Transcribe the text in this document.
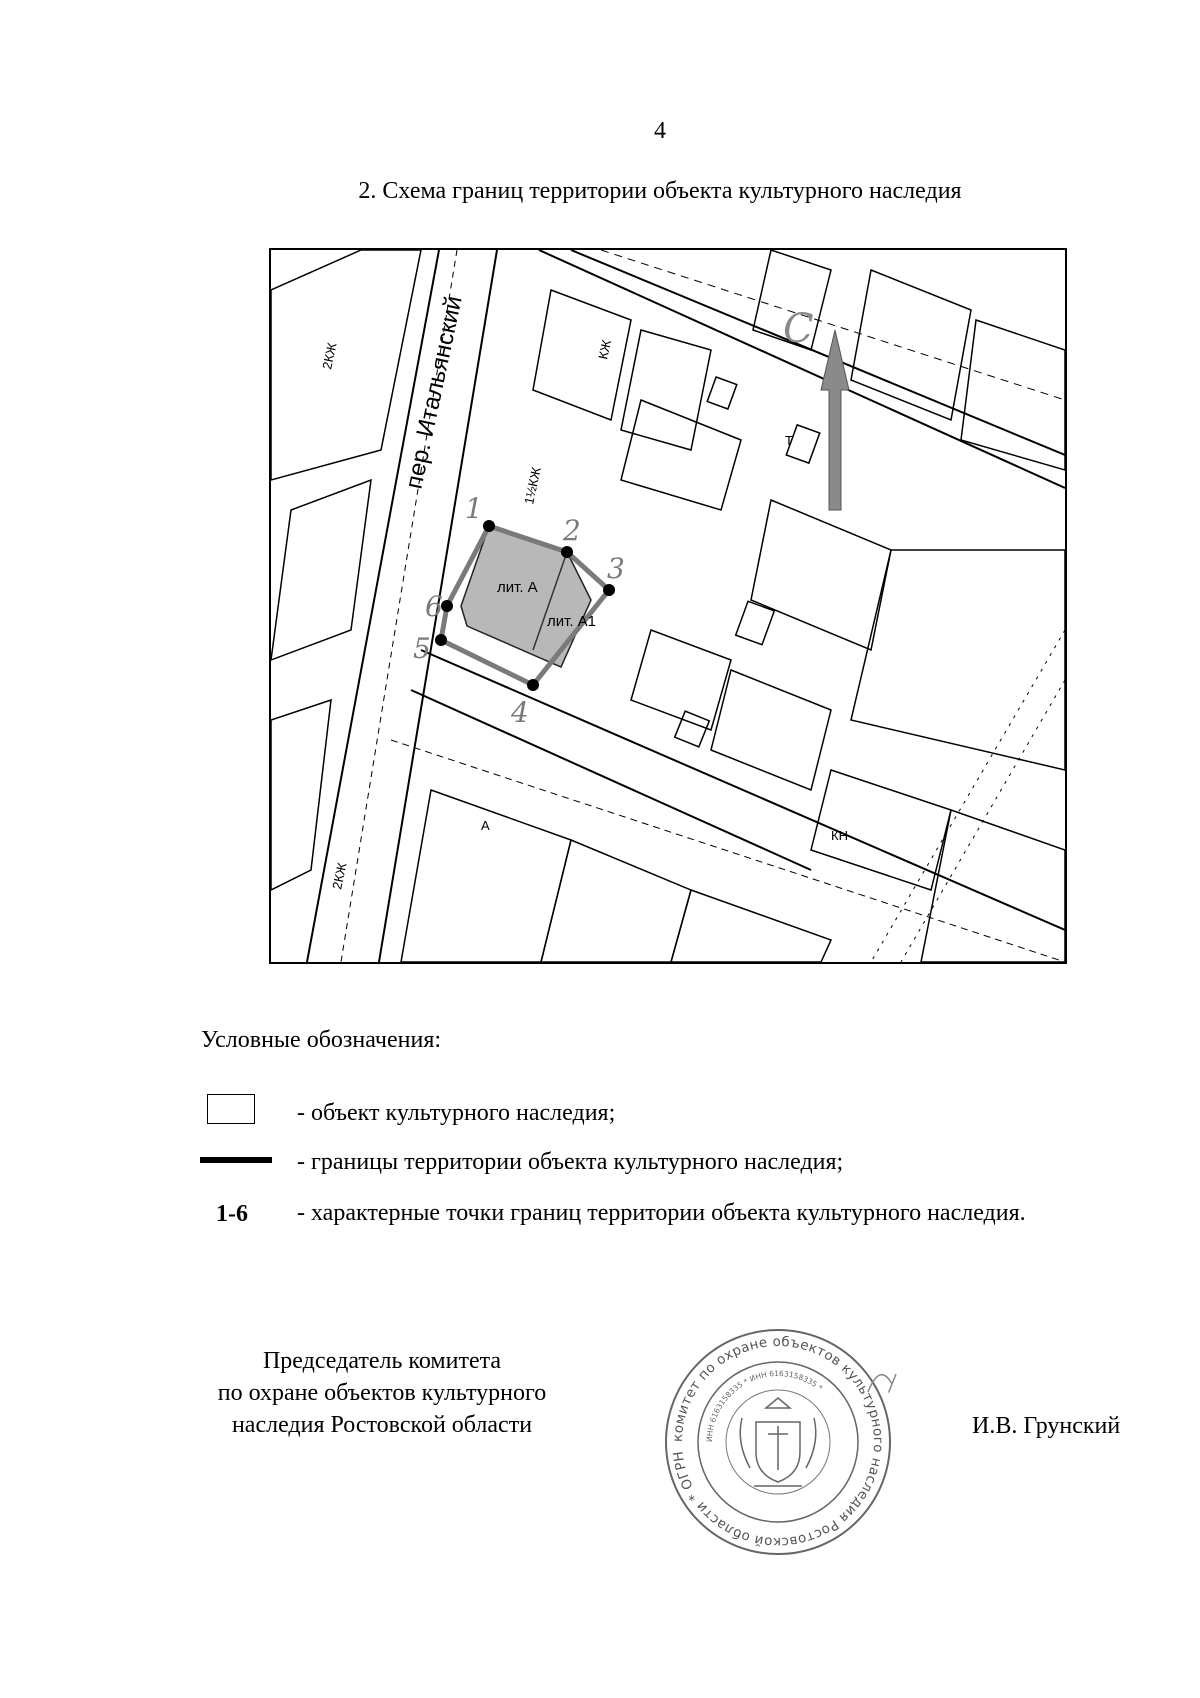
4
2. Схема границ территории объекта культурного наследия
1
2
3
4
5
6
лит. А
лит. А1
пер. Итальянский
2КЖ
1½КЖ
КЖ
КН
А
Т
2КЖ
С
Условные обозначения:
- объект культурного наследия;
- границы территории объекта культурного наследия;
1-6 - характерные точки границ территории объекта культурного наследия.
Председатель комитета
по охране объектов культурного
наследия Ростовской области	комитет по охране объектов культурного наследия Ростовской области * ОГРН
ИНН 6163158335 * ИНН 6163158335 *
И.В. Грунский
